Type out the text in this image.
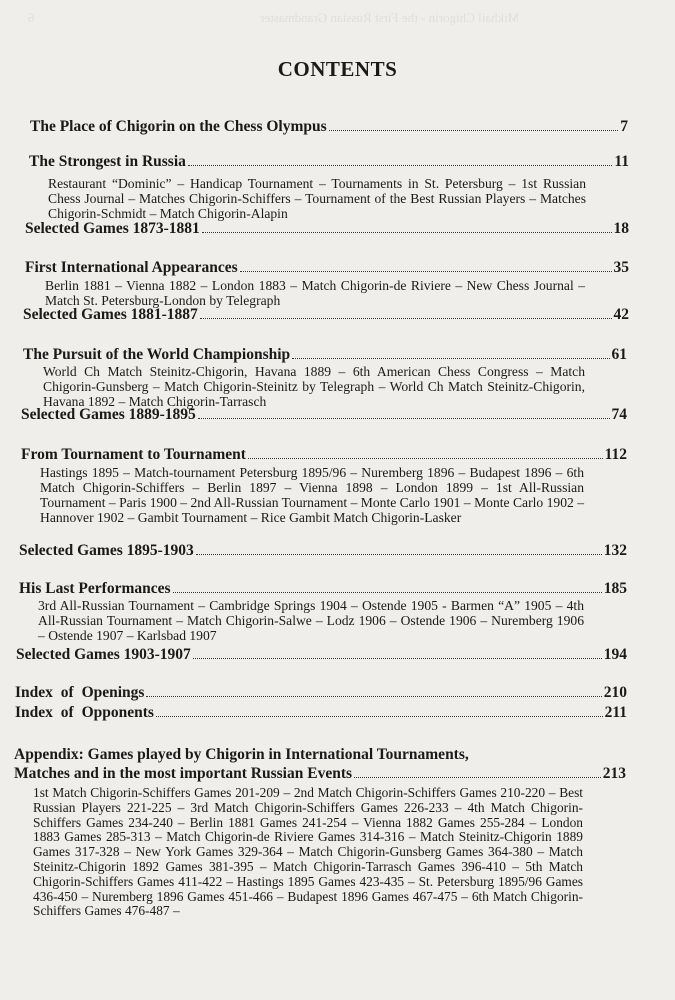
Mikhail Chigorin - the First Russian Grandmaster
6
CONTENTS
The Place of Chigorin on the Chess Olympus	7
The Strongest in Russia	11
Restaurant “Dominic” – Handicap Tournament – Tournaments in St. Petersburg – 1st Russian Chess Journal – Matches Chigorin-Schiffers – Tournament of the Best Russian Players – Matches Chigorin-Schmidt – Match Chigorin-Alapin
Selected Games 1873-1881	18
First International Appearances	35
Berlin 1881 – Vienna 1882 – London 1883 – Match Chigorin-de Riviere – New Chess Journal – Match St. Petersburg-London by Telegraph
Selected Games 1881-1887	42
The Pursuit of the World Championship	61
World Ch Match Steinitz-Chigorin, Havana 1889 – 6th American Chess Congress – Match Chigorin-Gunsberg – Match Chigorin-Steinitz by Telegraph – World Ch Match Steinitz-Chigorin, Havana 1892 – Match Chigorin-Tarrasch
Selected Games 1889-1895	74
From Tournament to Tournament	112
Hastings 1895 – Match-tournament Petersburg 1895/96 – Nuremberg 1896 – Budapest 1896 – 6th Match Chigorin-Schiffers – Berlin 1897 – Vienna 1898 – London 1899 – 1st All-Russian Tournament – Paris 1900 – 2nd All-Russian Tournament – Monte Carlo 1901 – Monte Carlo 1902 – Hannover 1902 – Gambit Tournament – Rice Gambit Match Chigorin-Lasker
Selected Games 1895-1903	132
His Last Performances	185
3rd All-Russian Tournament – Cambridge Springs 1904 – Ostende 1905 - Barmen “A” 1905 – 4th All-Russian Tournament – Match Chigorin-Salwe – Lodz 1906 – Ostende 1906 – Nuremberg 1906 – Ostende 1907 – Karlsbad 1907
Selected Games 1903-1907	194
Index of Openings	210
Index of Opponents	211
Appendix: Games played by Chigorin in International Tournaments,
Matches and in the most important Russian Events	213
1st Match Chigorin-Schiffers Games 201-209 – 2nd Match Chigorin-Schiffers Games 210-220 – Best Russian Players 221-225 – 3rd Match Chigorin-Schiffers Games 226-233 – 4th Match Chigorin-Schiffers Games 234-240 – Berlin 1881 Games 241-254 – Vienna 1882 Games 255-284 – London 1883 Games 285-313 – Match Chigorin-de Riviere Games 314-316 – Match Steinitz-Chigorin 1889 Games 317-328 – New York Games 329-364 – Match Chigorin-Gunsberg Games 364-380 – Match Steinitz-Chigorin 1892 Games 381-395 – Match Chigorin-Tarrasch Games 396-410 – 5th Match Chigorin-Schiffers Games 411-422 – Hastings 1895 Games 423-435 – St. Petersburg 1895/96 Games 436-450 – Nuremberg 1896 Games 451-466 – Budapest 1896 Games 467-475 – 6th Match Chigorin-Schiffers Games 476-487 –
